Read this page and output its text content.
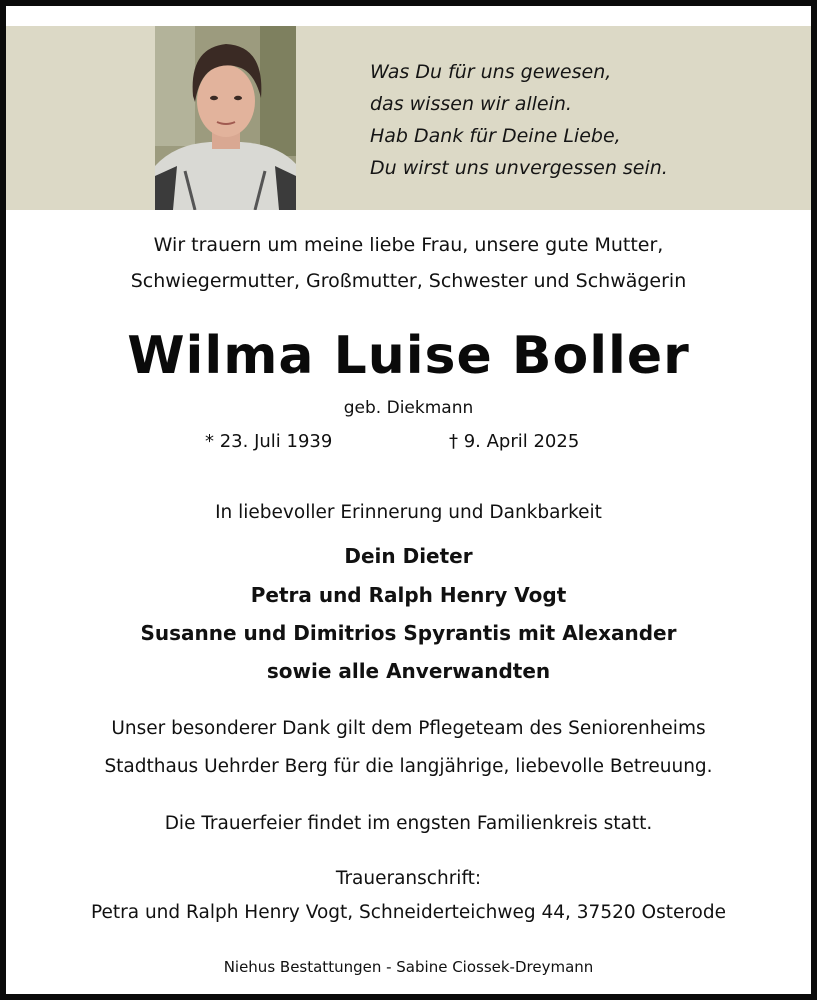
Was Du für uns gewesen,
das wissen wir allein.
Hab Dank für Deine Liebe,
Du wirst uns unvergessen sein.
Wir trauern um meine liebe Frau, unsere gute Mutter,
Schwiegermutter, Großmutter, Schwester und Schwägerin
Wilma Luise Boller
geb. Diekmann
* 23. Juli 1939	† 9. April 2025
In liebevoller Erinnerung und Dankbarkeit
Dein Dieter
Petra und Ralph Henry Vogt
Susanne und Dimitrios Spyrantis mit Alexander
sowie alle Anverwandten
Unser besonderer Dank gilt dem Pflegeteam des Seniorenheims
Stadthaus Uehrder Berg für die langjährige, liebevolle Betreuung.
Die Trauerfeier findet im engsten Familienkreis statt.
Traueranschrift:
Petra und Ralph Henry Vogt, Schneiderteichweg 44, 37520 Osterode
Niehus Bestattungen - Sabine Ciossek-Dreymann
